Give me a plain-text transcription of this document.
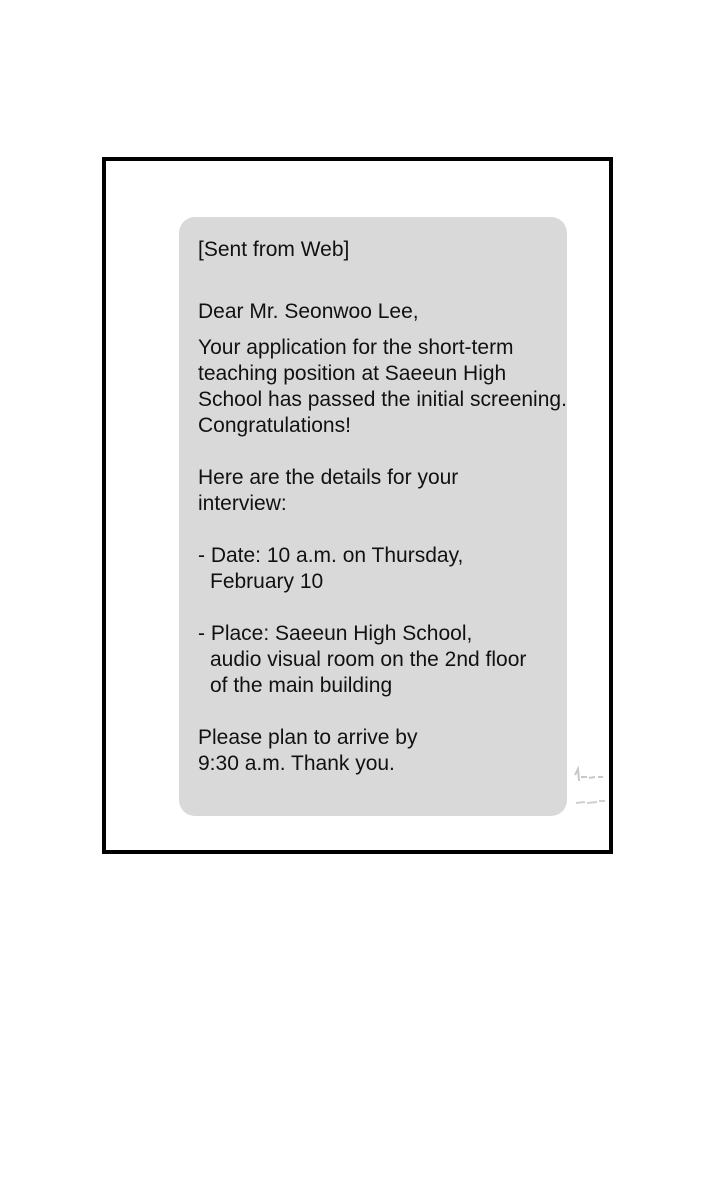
[Sent from Web]

Dear Mr. Seonwoo Lee,

Your application for the short-term teaching position at Saeeun High School has passed the initial screening. Congratulations!

Here are the details for your
interview:

- Date: 10 a.m. on Thursday,
February 10

- Place: Saeeun High School,
audio visual room on the 2nd floor
of the main building

Please plan to arrive by
9:30 a.m. Thank you.
